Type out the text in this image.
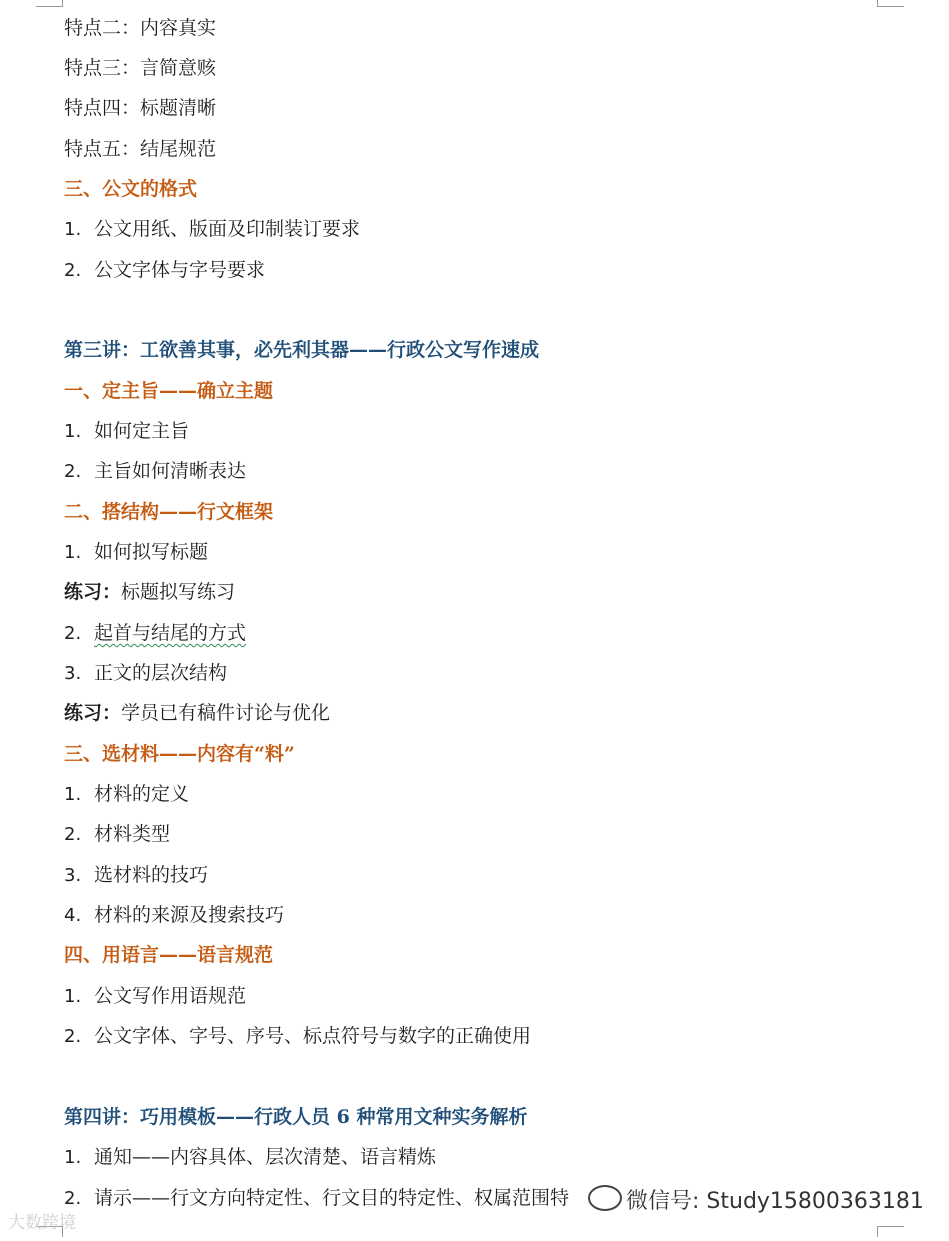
特点二：内容真实
特点三：言简意赅
特点四：标题清晰
特点五：结尾规范
三、公文的格式
1. 公文用纸、版面及印制装订要求
2. 公文字体与字号要求
第三讲：工欲善其事，必先利其器——行政公文写作速成
一、定主旨——确立主题
1. 如何定主旨
2. 主旨如何清晰表达
二、搭结构——行文框架
1. 如何拟写标题
练习：标题拟写练习
2. 起首与结尾的方式
3. 正文的层次结构
练习：学员已有稿件讨论与优化
三、选材料——内容有“料”
1. 材料的定义
2. 材料类型
3. 选材料的技巧
4. 材料的来源及搜索技巧
四、用语言——语言规范
1. 公文写作用语规范
2. 公文字体、字号、序号、标点符号与数字的正确使用
第四讲：巧用模板——行政人员 6 种常用文种实务解析
1. 通知——内容具体、层次清楚、语言精炼
2. 请示——行文方向特定性、行文目的特定性、权属范围特	微信号: Study15800363181
大数跨境
